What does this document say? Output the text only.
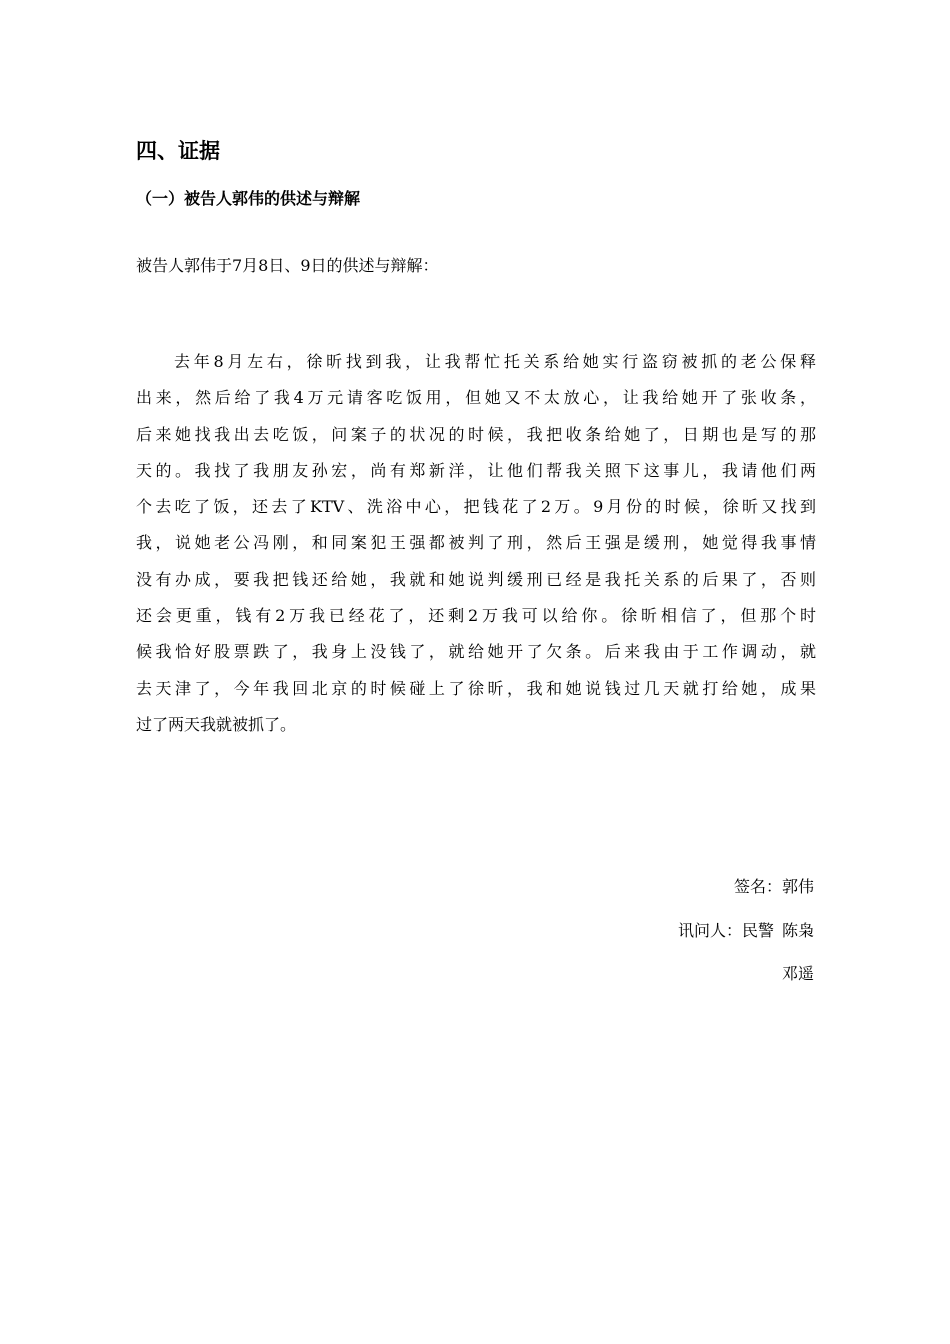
四、证据
（一）被告人郭伟的供述与辩解

被告人郭伟于7月8日、9日的供述与辩解：

去年8月左右，徐昕找到我，让我帮忙托关系给她实行盗窃被抓的老公保释
出来，然后给了我4万元请客吃饭用，但她又不太放心，让我给她开了张收条，
后来她找我出去吃饭，问案子的状况的时候，我把收条给她了，日期也是写的那
天的。我找了我朋友孙宏，尚有郑新洋，让他们帮我关照下这事儿，我请他们两
个去吃了饭，还去了KTV、洗浴中心，把钱花了2万。9月份的时候，徐昕又找到
我，说她老公冯刚，和同案犯王强都被判了刑，然后王强是缓刑，她觉得我事情
没有办成，要我把钱还给她，我就和她说判缓刑已经是我托关系的后果了，否则
还会更重，钱有2万我已经花了，还剩2万我可以给你。徐昕相信了，但那个时
候我恰好股票跌了，我身上没钱了，就给她开了欠条。后来我由于工作调动，就
去天津了，今年我回北京的时候碰上了徐昕，我和她说钱过几天就打给她，成果
过了两天我就被抓了。

签名：郭伟

讯问人：民警 陈枭

邓遥
